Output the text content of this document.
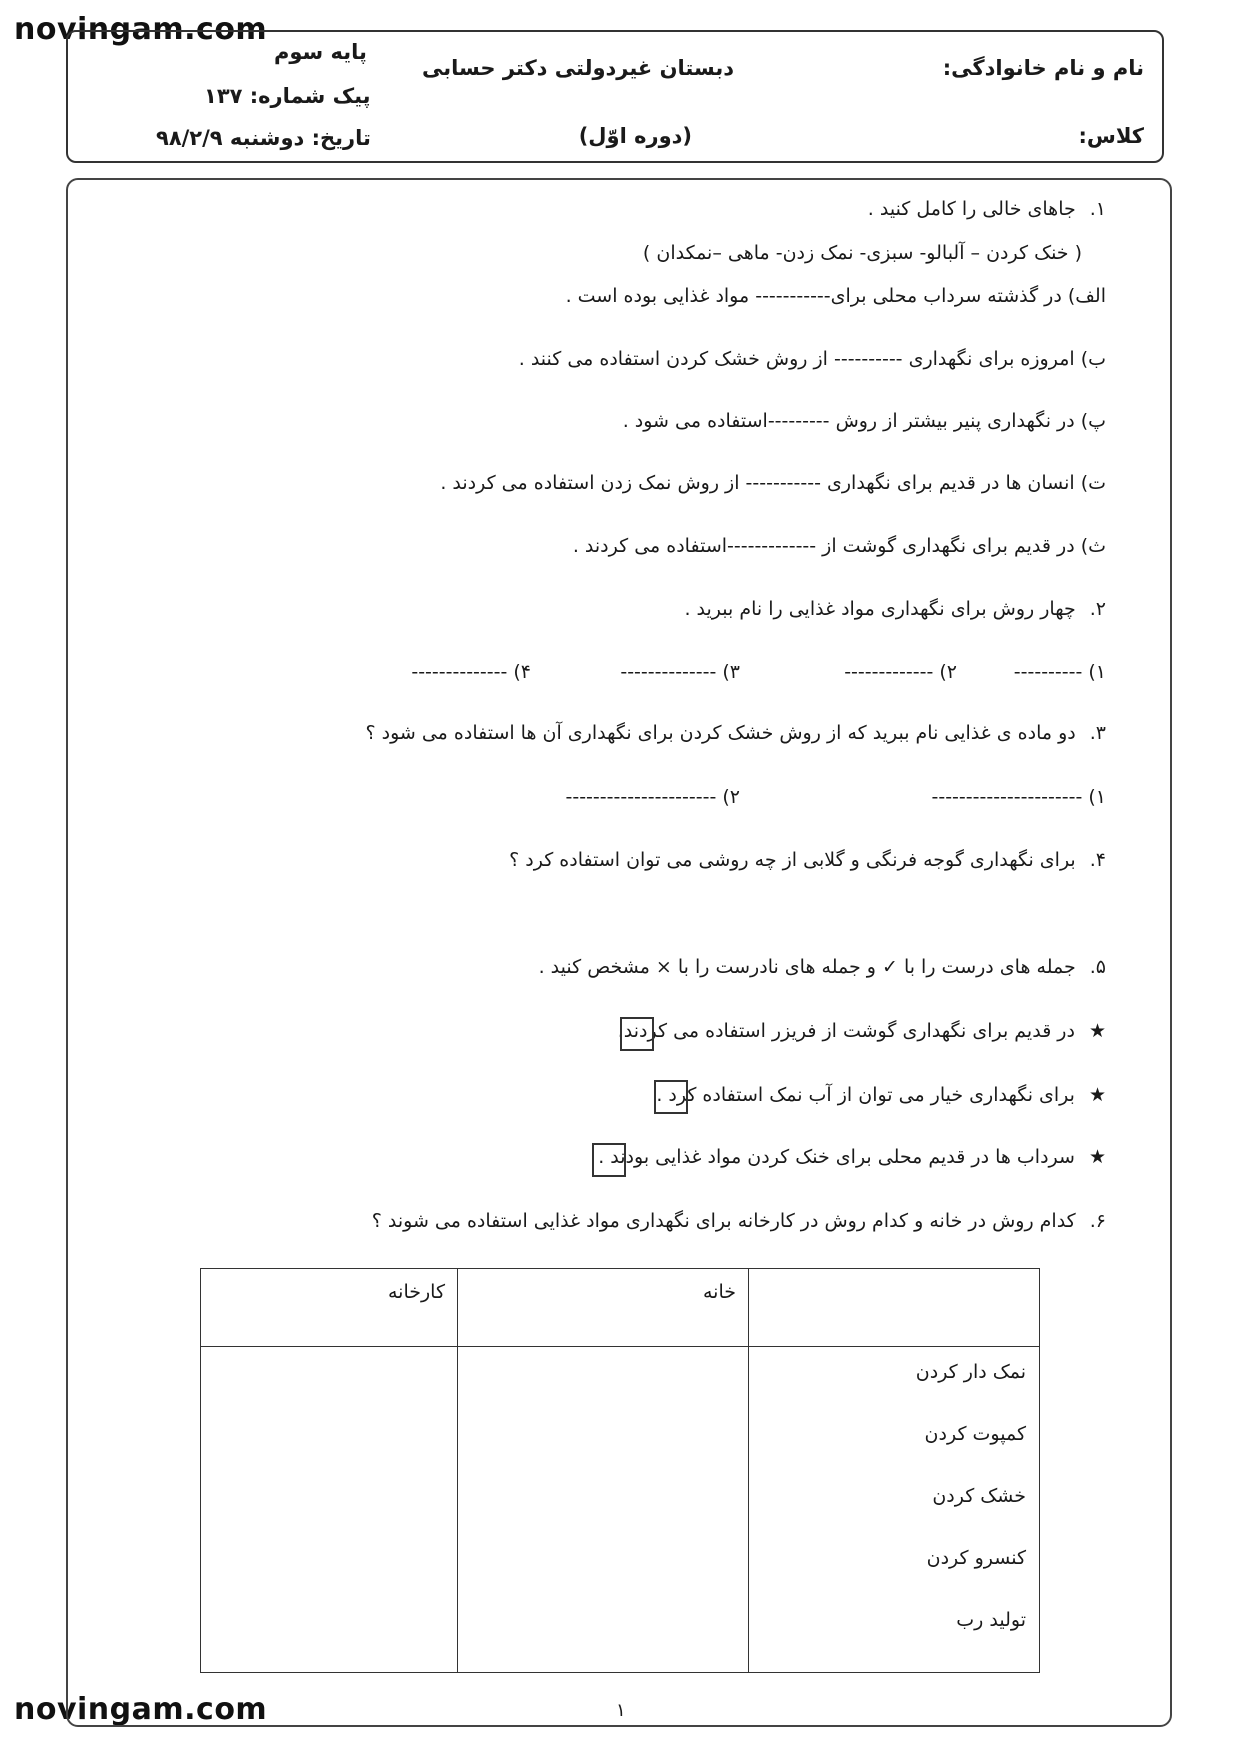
novingam.com
novingam.com
نام و نام خانوادگی:
کلاس:
دبستان غیردولتی دکتر حسابی
(دوره اوّل)
پایه سوم
پیک شماره: ۱۳۷
تاریخ: دوشنبه ۹۸/۲/۹
۱.جاهای خالی را کامل کنید .
( خنک کردن – آلبالو- سبزی- نمک زدن- ماهی –نمکدان )
الف) در گذشته سرداب محلی برای----------- مواد غذایی بوده است .
ب) امروزه برای نگهداری ---------- از روش خشک کردن استفاده می کنند .
پ) در نگهداری پنیر بیشتر از روش ---------استفاده می شود .
ت) انسان ها در قدیم برای نگهداری ----------- از روش نمک زدن استفاده می کردند .
ث) در قدیم برای نگهداری گوشت از -------------استفاده می کردند .
۲.چهار روش برای نگهداری مواد غذایی را نام ببرید .
۱) ----------
۲) -------------
۳) --------------
۴) --------------
۳.دو ماده ی غذایی نام ببرید که از روش خشک کردن برای نگهداری آن ها استفاده می شود ؟
۱) ----------------------
۲) ----------------------
۴.برای نگهداری گوجه فرنگی و گلابی از چه روشی می توان استفاده کرد ؟
۵.جمله های درست را با ✓ و جمله های نادرست را با × مشخص کنید .
★در قدیم برای نگهداری گوشت از فریزر استفاده می کردند.
★برای نگهداری خیار می توان از آب نمک استفاده کرد .
★سرداب ها در قدیم محلی برای خنک کردن مواد غذایی بودند .
۶.کدام روش در خانه و کدام روش در کارخانه برای نگهداری مواد غذایی استفاده می شوند ؟
	خانه	کارخانه

نمک دار کردن
کمپوت کردن
خشک کردن
کنسرو کردن
تولید رب		

۱
